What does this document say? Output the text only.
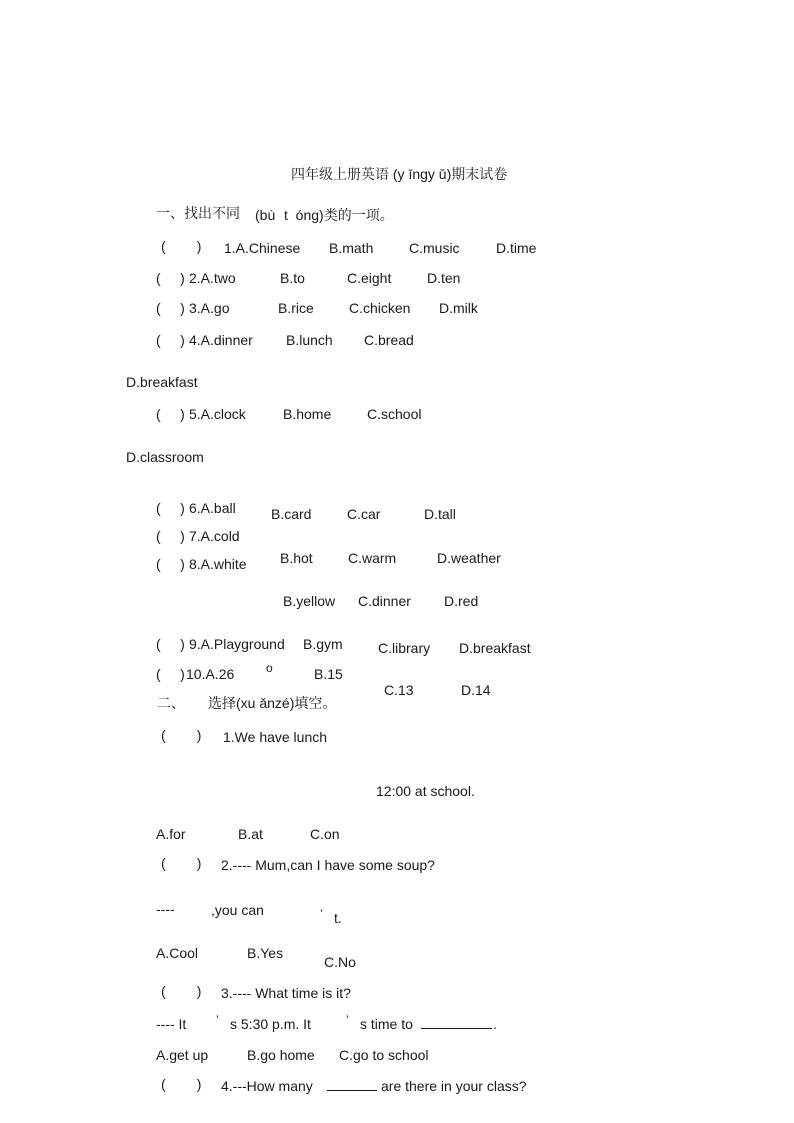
四年级上册英语 (y īngy ǔ)期末试卷
一、找出不同 (bù t  óng)类的一项。
(        ) 1.A.Chinese B.math	C.music	D.time
(     ) 2.A.two	B.to	C.eight	D.ten
(     ) 3.A.go	B.rice	C.chicken D.milk
(     ) 4.A.dinner B.lunch C.bread
D.breakfast
(     ) 5.A.clock	B.home	C.school
D.classroom
(     ) 6.A.ball	B.card	C.car	D.tall
(     ) 7.A.cold
B.hot	C.warm	D.weather
(     ) 8.A.white
B.yellow C.dinner D.red
(     ) 9.A.Playground B.gym	C.library D.breakfast
(     ) 10.A.26	o	B.15
C.13	D.14
二、 选择(xu ǎnzé)填空。
(        ) 1.We have lunch
12:00 at school.
A.for	B.at	C.on
(        ) 2.---- Mum,can I have some soup?
----	,you can	’ t.
A.Cool	B.Yes
C.No
(        ) 3.---- What time is it?
---- It ’ s 5:30 p.m. It	’ s time to	.
A.get up	B.go home C.go to school
(        ) 4.---How many	are there in your class?
